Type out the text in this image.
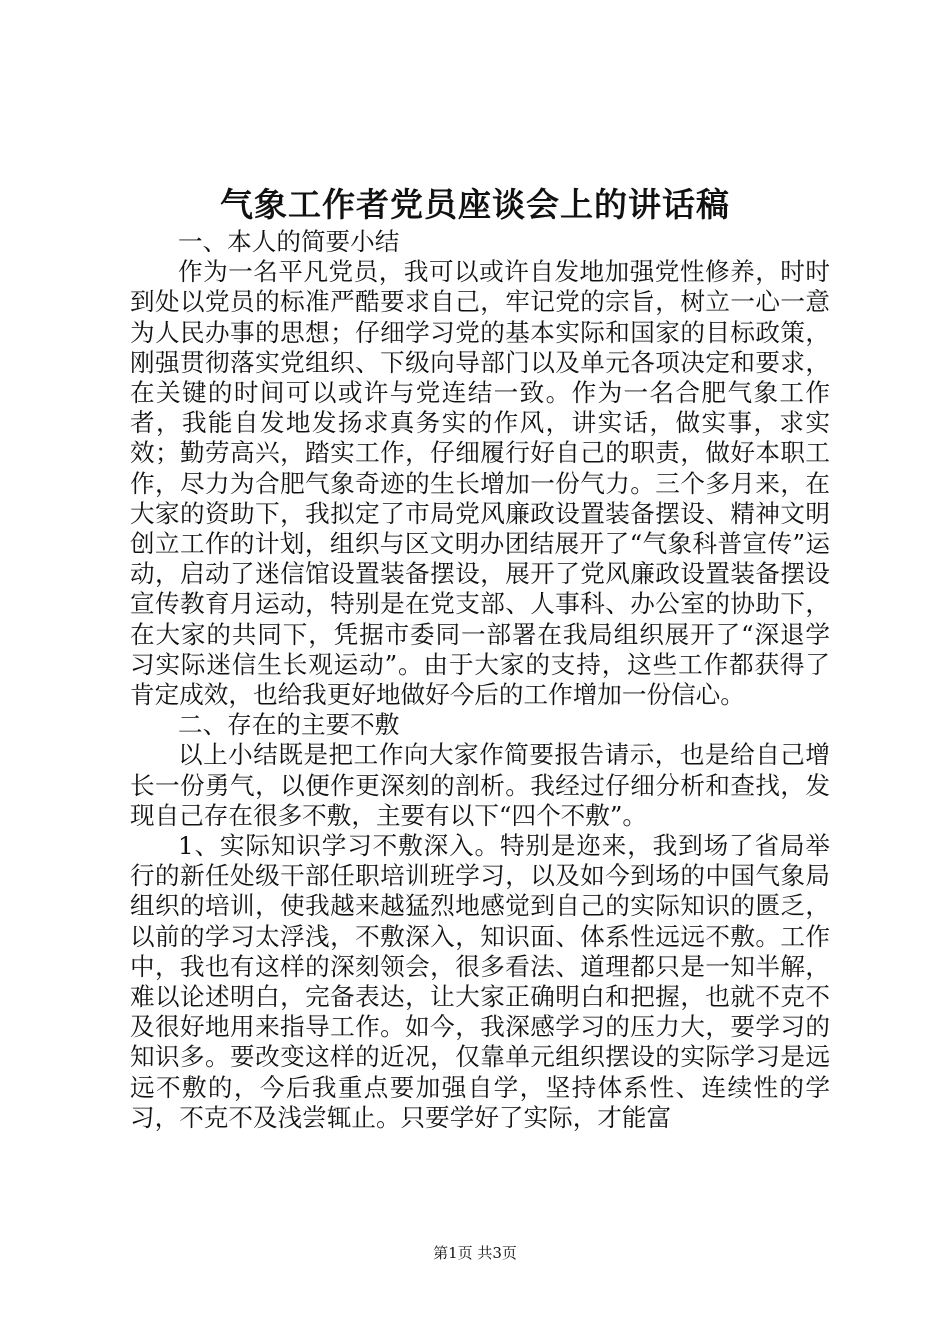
气象工作者党员座谈会上的讲话稿

一、本人的简要小结

作为一名平凡党员，我可以或许自发地加强党性修养，时时到处以党员的标准严酷要求自己，牢记党的宗旨，树立一心一意为人民办事的思想；仔细学习党的基本实际和国家的目标政策，刚强贯彻落实党组织、下级向导部门以及单元各项决定和要求，在关键的时间可以或许与党连结一致。作为一名合肥气象工作者，我能自发地发扬求真务实的作风，讲实话，做实事，求实效；勤劳高兴，踏实工作，仔细履行好自己的职责，做好本职工作，尽力为合肥气象奇迹的生长增加一份气力。三个多月来，在大家的资助下，我拟定了市局党风廉政设置装备摆设、精神文明创立工作的计划，组织与区文明办团结展开了“气象科普宣传”运动，启动了迷信馆设置装备摆设，展开了党风廉政设置装备摆设宣传教育月运动，特别是在党支部、人事科、办公室的协助下，在大家的共同下，凭据市委同一部署在我局组织展开了“深退学习实际迷信生长观运动”。由于大家的支持，这些工作都获得了肯定成效，也给我更好地做好今后的工作增加一份信心。

二、存在的主要不敷

以上小结既是把工作向大家作简要报告请示，也是给自己增长一份勇气，以便作更深刻的剖析。我经过仔细分析和查找，发现自己存在很多不敷，主要有以下“四个不敷”。

1、实际知识学习不敷深入。特别是迩来，我到场了省局举行的新任处级干部任职培训班学习，以及如今到场的中国气象局组织的培训，使我越来越猛烈地感觉到自己的实际知识的匮乏，以前的学习太浮浅，不敷深入，知识面、体系性远远不敷。工作中，我也有这样的深刻领会，很多看法、道理都只是一知半解，难以论述明白，完备表达，让大家正确明白和把握，也就不克不及很好地用来指导工作。如今，我深感学习的压力大，要学习的知识多。要改变这样的近况，仅靠单元组织摆设的实际学习是远远不敷的，今后我重点要加强自学，坚持体系性、连续性的学习，不克不及浅尝辄止。只要学好了实际，才能富

第1页 共3页
